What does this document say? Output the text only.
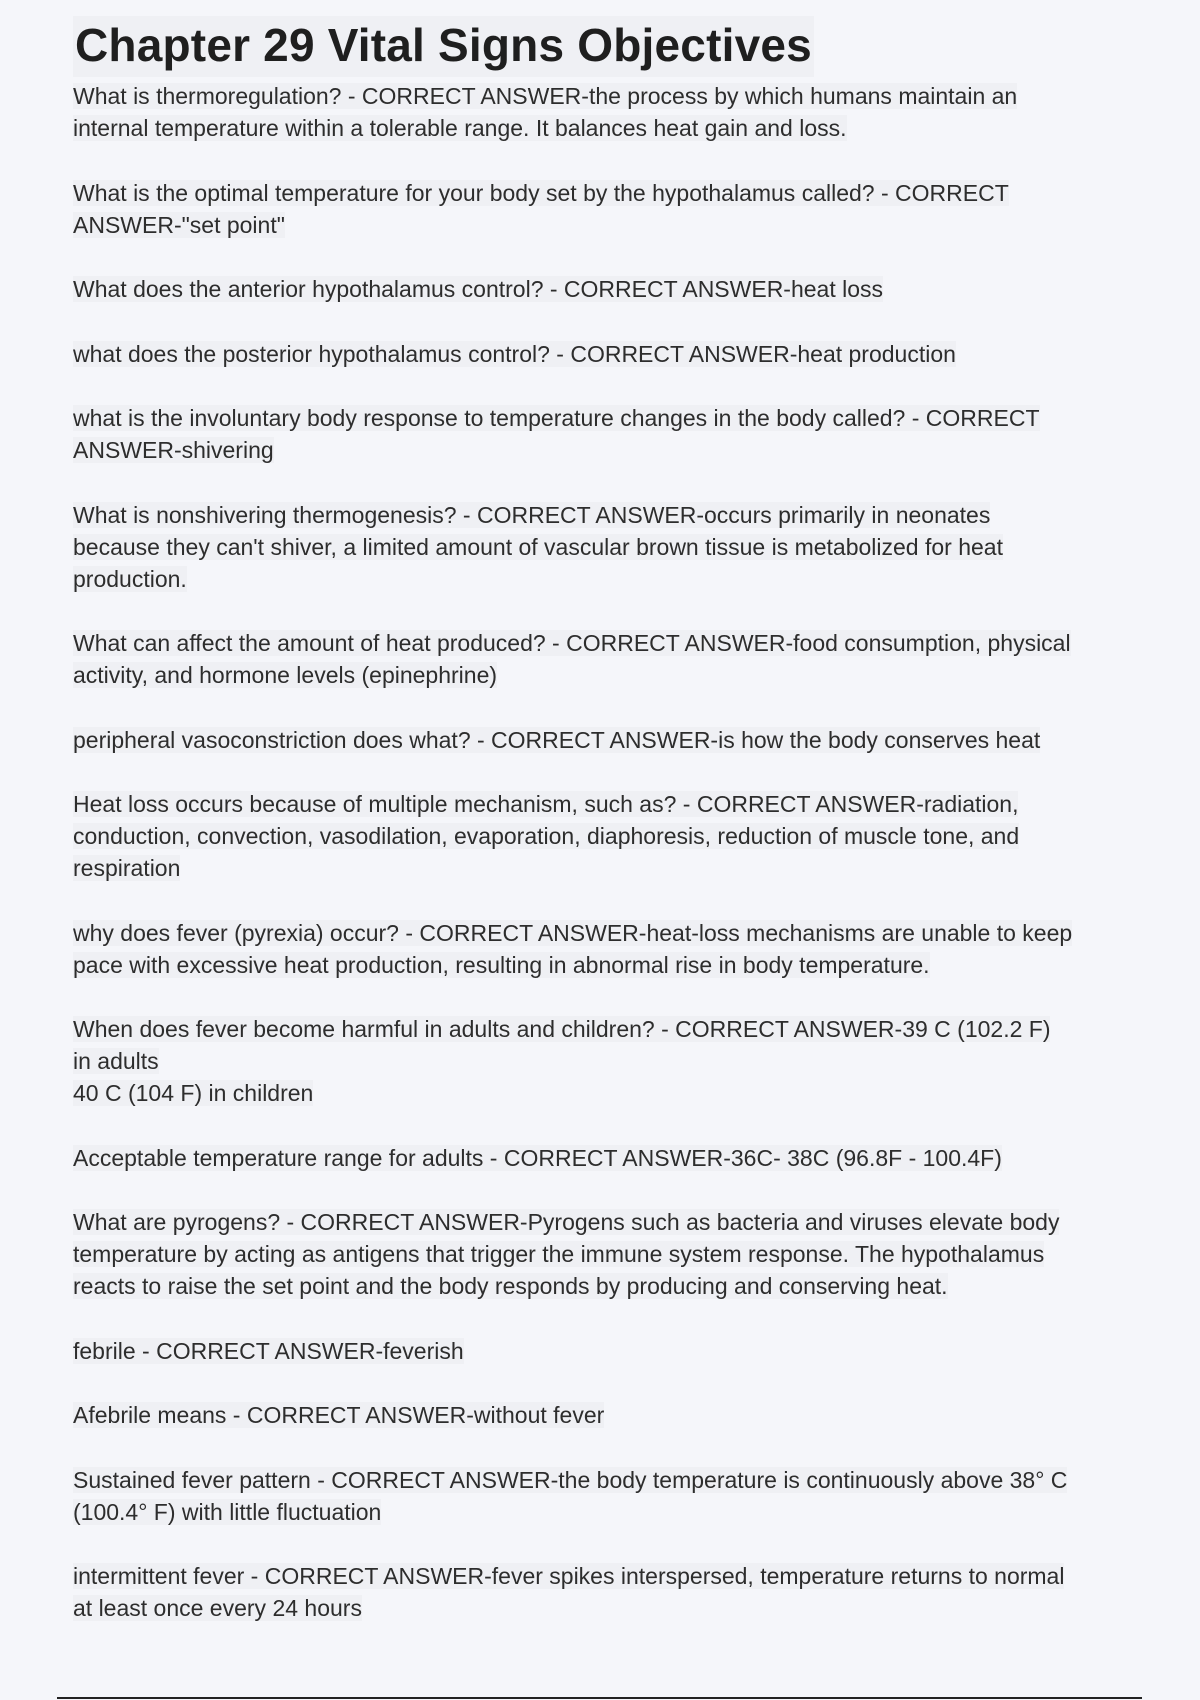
Chapter 29 Vital Signs Objectives
What is thermoregulation? - CORRECT ANSWER-the process by which humans maintain an
internal temperature within a tolerable range. It balances heat gain and loss.
What is the optimal temperature for your body set by the hypothalamus called? - CORRECT
ANSWER-"set point"
What does the anterior hypothalamus control? - CORRECT ANSWER-heat loss
what does the posterior hypothalamus control? - CORRECT ANSWER-heat production
what is the involuntary body response to temperature changes in the body called? - CORRECT
ANSWER-shivering
What is nonshivering thermogenesis? - CORRECT ANSWER-occurs primarily in neonates
because they can't shiver, a limited amount of vascular brown tissue is metabolized for heat
production.
What can affect the amount of heat produced? - CORRECT ANSWER-food consumption, physical
activity, and hormone levels (epinephrine)
peripheral vasoconstriction does what? - CORRECT ANSWER-is how the body conserves heat
Heat loss occurs because of multiple mechanism, such as? - CORRECT ANSWER-radiation,
conduction, convection, vasodilation, evaporation, diaphoresis, reduction of muscle tone, and
respiration
why does fever (pyrexia) occur? - CORRECT ANSWER-heat-loss mechanisms are unable to keep
pace with excessive heat production, resulting in abnormal rise in body temperature.
When does fever become harmful in adults and children? - CORRECT ANSWER-39 C (102.2 F)
in adults
40 C (104 F) in children
Acceptable temperature range for adults - CORRECT ANSWER-36C- 38C (96.8F - 100.4F)
What are pyrogens? - CORRECT ANSWER-Pyrogens such as bacteria and viruses elevate body
temperature by acting as antigens that trigger the immune system response. The hypothalamus
reacts to raise the set point and the body responds by producing and conserving heat.
febrile - CORRECT ANSWER-feverish
Afebrile means - CORRECT ANSWER-without fever
Sustained fever pattern - CORRECT ANSWER-the body temperature is continuously above 38° C
(100.4° F) with little fluctuation
intermittent fever - CORRECT ANSWER-fever spikes interspersed, temperature returns to normal
at least once every 24 hours
